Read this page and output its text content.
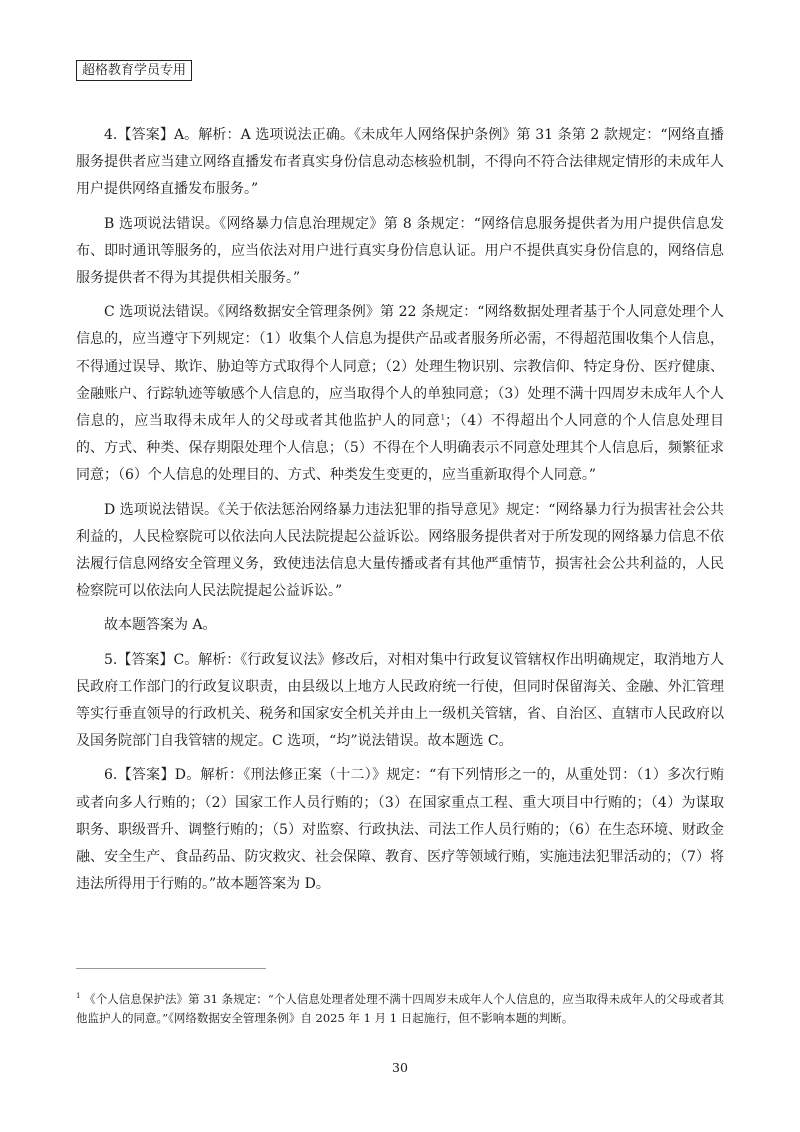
超格教育学员专用

4.【答案】A。解析：A 选项说法正确。《未成年人网络保护条例》第 31 条第 2 款规定：“网络直播服务提供者应当建立网络直播发布者真实身份信息动态核验机制，不得向不符合法律规定情形的未成年人用户提供网络直播发布服务。”

B 选项说法错误。《网络暴力信息治理规定》第 8 条规定：“网络信息服务提供者为用户提供信息发布、即时通讯等服务的，应当依法对用户进行真实身份信息认证。用户不提供真实身份信息的，网络信息服务提供者不得为其提供相关服务。”

C 选项说法错误。《网络数据安全管理条例》第 22 条规定：“网络数据处理者基于个人同意处理个人信息的，应当遵守下列规定：（1）收集个人信息为提供产品或者服务所必需，不得超范围收集个人信息，不得通过误导、欺诈、胁迫等方式取得个人同意；（2）处理生物识别、宗教信仰、特定身份、医疗健康、金融账户、行踪轨迹等敏感个人信息的，应当取得个人的单独同意；（3）处理不满十四周岁未成年人个人信息的，应当取得未成年人的父母或者其他监护人的同意$^1$；（4）不得超出个人同意的个人信息处理目的、方式、种类、保存期限处理个人信息；（5）不得在个人明确表示不同意处理其个人信息后，频繁征求同意；（6）个人信息的处理目的、方式、种类发生变更的，应当重新取得个人同意。”

D 选项说法错误。《关于依法惩治网络暴力违法犯罪的指导意见》规定：“网络暴力行为损害社会公共利益的，人民检察院可以依法向人民法院提起公益诉讼。网络服务提供者对于所发现的网络暴力信息不依法履行信息网络安全管理义务，致使违法信息大量传播或者有其他严重情节，损害社会公共利益的，人民检察院可以依法向人民法院提起公益诉讼。”

故本题答案为 A。

5.【答案】C。解析：《行政复议法》修改后，对相对集中行政复议管辖权作出明确规定，取消地方人民政府工作部门的行政复议职责，由县级以上地方人民政府统一行使，但同时保留海关、金融、外汇管理等实行垂直领导的行政机关、税务和国家安全机关并由上一级机关管辖，省、自治区、直辖市人民政府以及国务院部门自我管辖的规定。C 选项，“均”说法错误。故本题选 C。

6.【答案】D。解析：《刑法修正案（十二）》规定：“有下列情形之一的，从重处罚：（1）多次行贿或者向多人行贿的；（2）国家工作人员行贿的；（3）在国家重点工程、重大项目中行贿的；（4）为谋取职务、职级晋升、调整行贿的；（5）对监察、行政执法、司法工作人员行贿的；（6）在生态环境、财政金融、安全生产、食品药品、防灾救灾、社会保障、教育、医疗等领域行贿，实施违法犯罪活动的；（7）将违法所得用于行贿的。”故本题答案为 D。

$^1$ 《个人信息保护法》第 31 条规定：“个人信息处理者处理不满十四周岁未成年人个人信息的，应当取得未成年人的父母或者其他监护人的同意。”《网络数据安全管理条例》自 2025 年 1 月 1 日起施行，但不影响本题的判断。

30
